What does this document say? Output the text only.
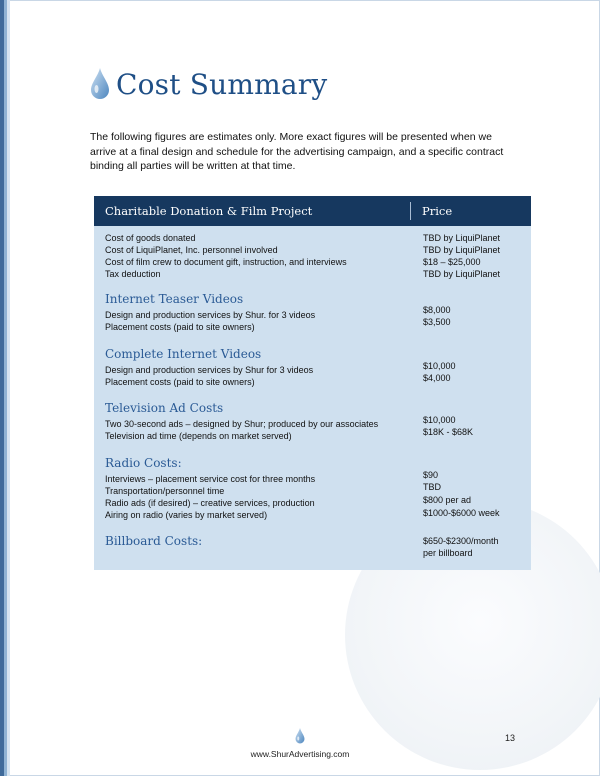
Cost Summary

The following figures are estimates only. More exact figures will be presented when we arrive at a final design and schedule for the advertising campaign, and a specific contract binding all parties will be written at that time.

Charitable Donation & Film Project	Price
Cost of goods donated
Cost of LiquiPlanet, Inc. personnel involved
Cost of film crew to document gift, instruction, and interviews
Tax deduction
TBD by LiquiPlanet
TBD by LiquiPlanet
$18 – $25,000
TBD by LiquiPlanet
Internet Teaser Videos
Design and production services by Shur. for 3 videos
Placement costs (paid to site owners)
$8,000
$3,500
Complete Internet Videos
Design and production services by Shur for 3 videos
Placement costs (paid to site owners)
$10,000
$4,000
Television Ad Costs
Two 30-second ads – designed by Shur; produced by our associates
Television ad time (depends on market served)
$10,000
$18K - $68K
Radio Costs:
Interviews – placement service cost for three months
Transportation/personnel time
Radio ads (if desired) – creative services, production
Airing on radio (varies by market served)
$90
TBD
$800 per ad
$1000-$6000 week
Billboard Costs:	$650-$2300/month
per billboard
13
www.ShurAdvertising.com
